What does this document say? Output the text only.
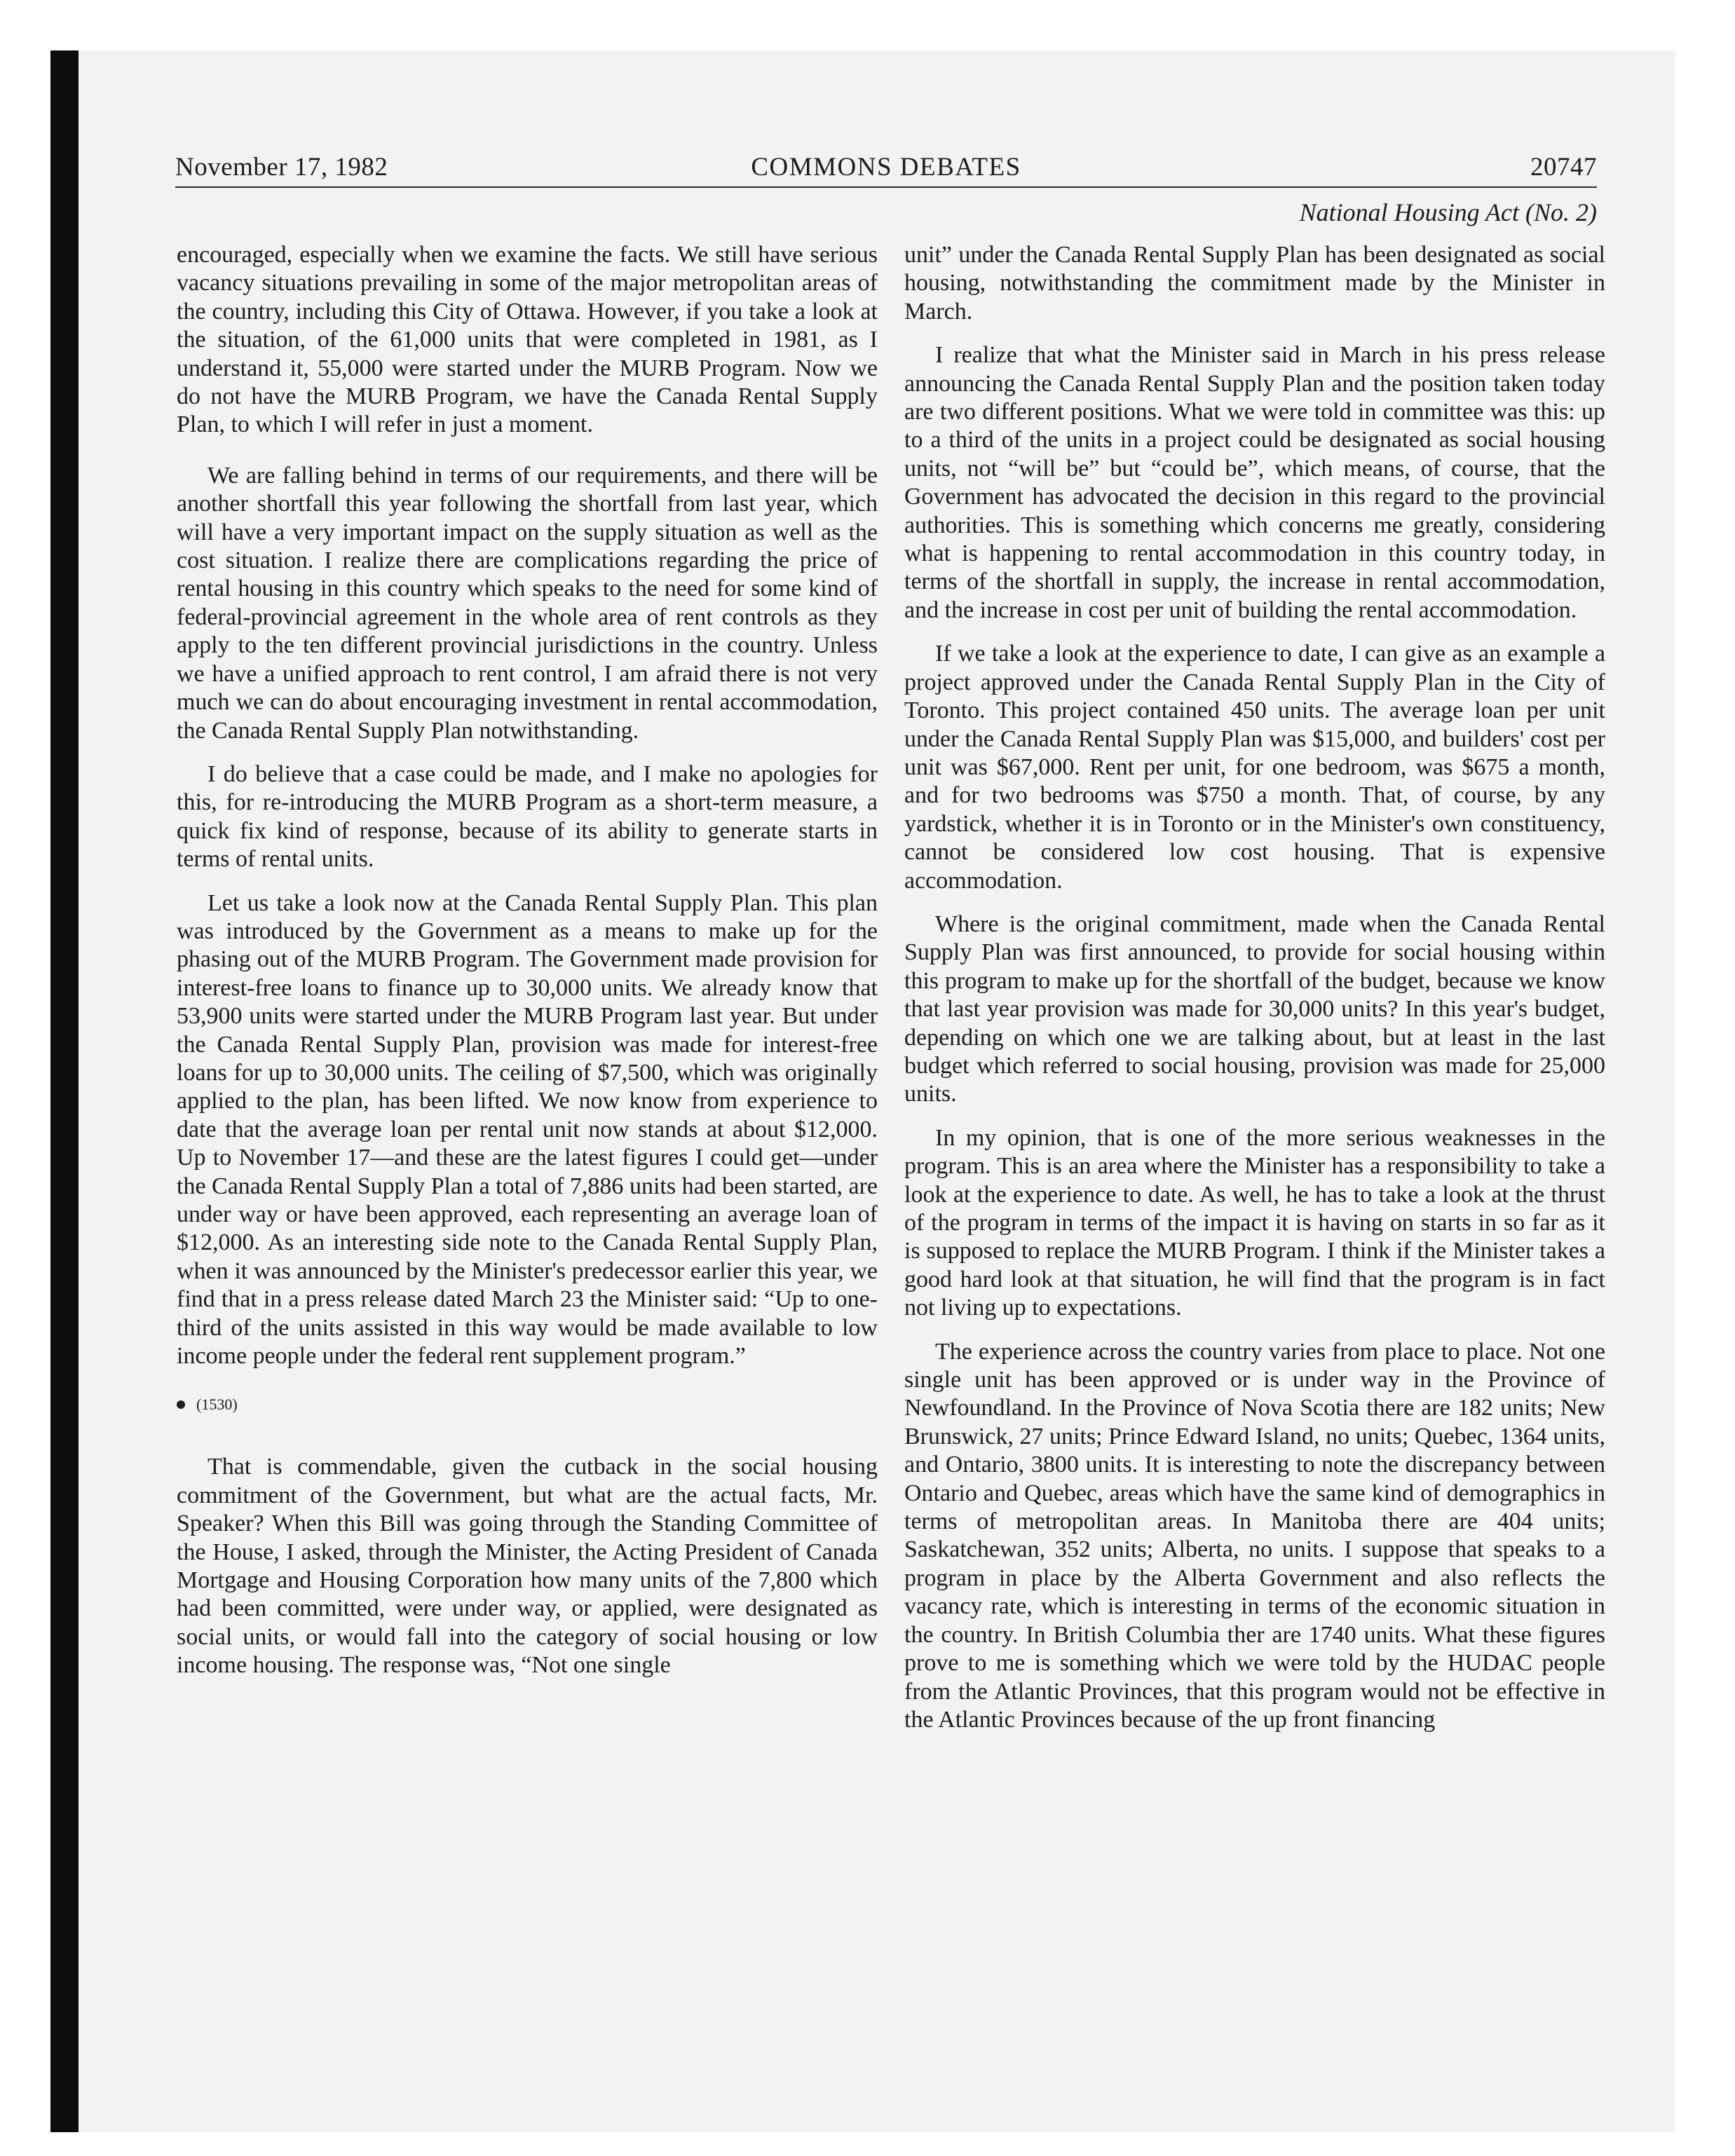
November 17, 1982	COMMONS DEBATES	20747
National Housing Act (No. 2)

encouraged, especially when we examine the facts. We still have serious vacancy situations prevailing in some of the major metropolitan areas of the country, including this City of Ottawa. However, if you take a look at the situation, of the 61,000 units that were completed in 1981, as I understand it, 55,000 were started under the MURB Program. Now we do not have the MURB Program, we have the Canada Rental Supply Plan, to which I will refer in just a moment.

We are falling behind in terms of our requirements, and there will be another shortfall this year following the shortfall from last year, which will have a very important impact on the supply situation as well as the cost situation. I realize there are complications regarding the price of rental housing in this country which speaks to the need for some kind of federal-provincial agreement in the whole area of rent controls as they apply to the ten different provincial jurisdictions in the country. Unless we have a unified approach to rent control, I am afraid there is not very much we can do about encouraging investment in rental accommodation, the Canada Rental Supply Plan notwithstanding.

I do believe that a case could be made, and I make no apologies for this, for re-introducing the MURB Program as a short-term measure, a quick fix kind of response, because of its ability to generate starts in terms of rental units.

Let us take a look now at the Canada Rental Supply Plan. This plan was introduced by the Government as a means to make up for the phasing out of the MURB Program. The Government made provision for interest-free loans to finance up to 30,000 units. We already know that 53,900 units were started under the MURB Program last year. But under the Canada Rental Supply Plan, provision was made for interest-free loans for up to 30,000 units. The ceiling of $7,500, which was originally applied to the plan, has been lifted. We now know from experience to date that the average loan per rental unit now stands at about $12,000. Up to November 17—and these are the latest figures I could get—under the Canada Rental Supply Plan a total of 7,886 units had been started, are under way or have been approved, each representing an average loan of $12,000. As an interesting side note to the Canada Rental Supply Plan, when it was announced by the Minister's predecessor earlier this year, we find that in a press release dated March 23 the Minister said: “Up to one-third of the units assisted in this way would be made available to low income people under the federal rent supplement program.”

(1530)

That is commendable, given the cutback in the social housing commitment of the Government, but what are the actual facts, Mr. Speaker? When this Bill was going through the Standing Committee of the House, I asked, through the Minister, the Acting President of Canada Mortgage and Housing Corporation how many units of the 7,800 which had been committed, were under way, or applied, were designated as social units, or would fall into the category of social housing or low income housing. The response was, “Not one single

unit” under the Canada Rental Supply Plan has been designated as social housing, notwithstanding the commitment made by the Minister in March.

I realize that what the Minister said in March in his press release announcing the Canada Rental Supply Plan and the position taken today are two different positions. What we were told in committee was this: up to a third of the units in a project could be designated as social housing units, not “will be” but “could be”, which means, of course, that the Government has advocated the decision in this regard to the provincial authorities. This is something which concerns me greatly, considering what is happening to rental accommodation in this country today, in terms of the shortfall in supply, the increase in rental accommodation, and the increase in cost per unit of building the rental accommodation.

If we take a look at the experience to date, I can give as an example a project approved under the Canada Rental Supply Plan in the City of Toronto. This project contained 450 units. The average loan per unit under the Canada Rental Supply Plan was $15,000, and builders' cost per unit was $67,000. Rent per unit, for one bedroom, was $675 a month, and for two bedrooms was $750 a month. That, of course, by any yardstick, whether it is in Toronto or in the Minister's own constituency, cannot be considered low cost housing. That is expensive accommodation.

Where is the original commitment, made when the Canada Rental Supply Plan was first announced, to provide for social housing within this program to make up for the shortfall of the budget, because we know that last year provision was made for 30,000 units? In this year's budget, depending on which one we are talking about, but at least in the last budget which referred to social housing, provision was made for 25,000 units.

In my opinion, that is one of the more serious weaknesses in the program. This is an area where the Minister has a responsibility to take a look at the experience to date. As well, he has to take a look at the thrust of the program in terms of the impact it is having on starts in so far as it is supposed to replace the MURB Program. I think if the Minister takes a good hard look at that situation, he will find that the program is in fact not living up to expectations.

The experience across the country varies from place to place. Not one single unit has been approved or is under way in the Province of Newfoundland. In the Province of Nova Scotia there are 182 units; New Brunswick, 27 units; Prince Edward Island, no units; Quebec, 1364 units, and Ontario, 3800 units. It is interesting to note the discrepancy between Ontario and Quebec, areas which have the same kind of demographics in terms of metropolitan areas. In Manitoba there are 404 units; Saskatchewan, 352 units; Alberta, no units. I suppose that speaks to a program in place by the Alberta Government and also reflects the vacancy rate, which is interesting in terms of the economic situation in the country. In British Columbia ther are 1740 units. What these figures prove to me is something which we were told by the HUDAC people from the Atlantic Provinces, that this program would not be effective in the Atlantic Provinces because of the up front financing
